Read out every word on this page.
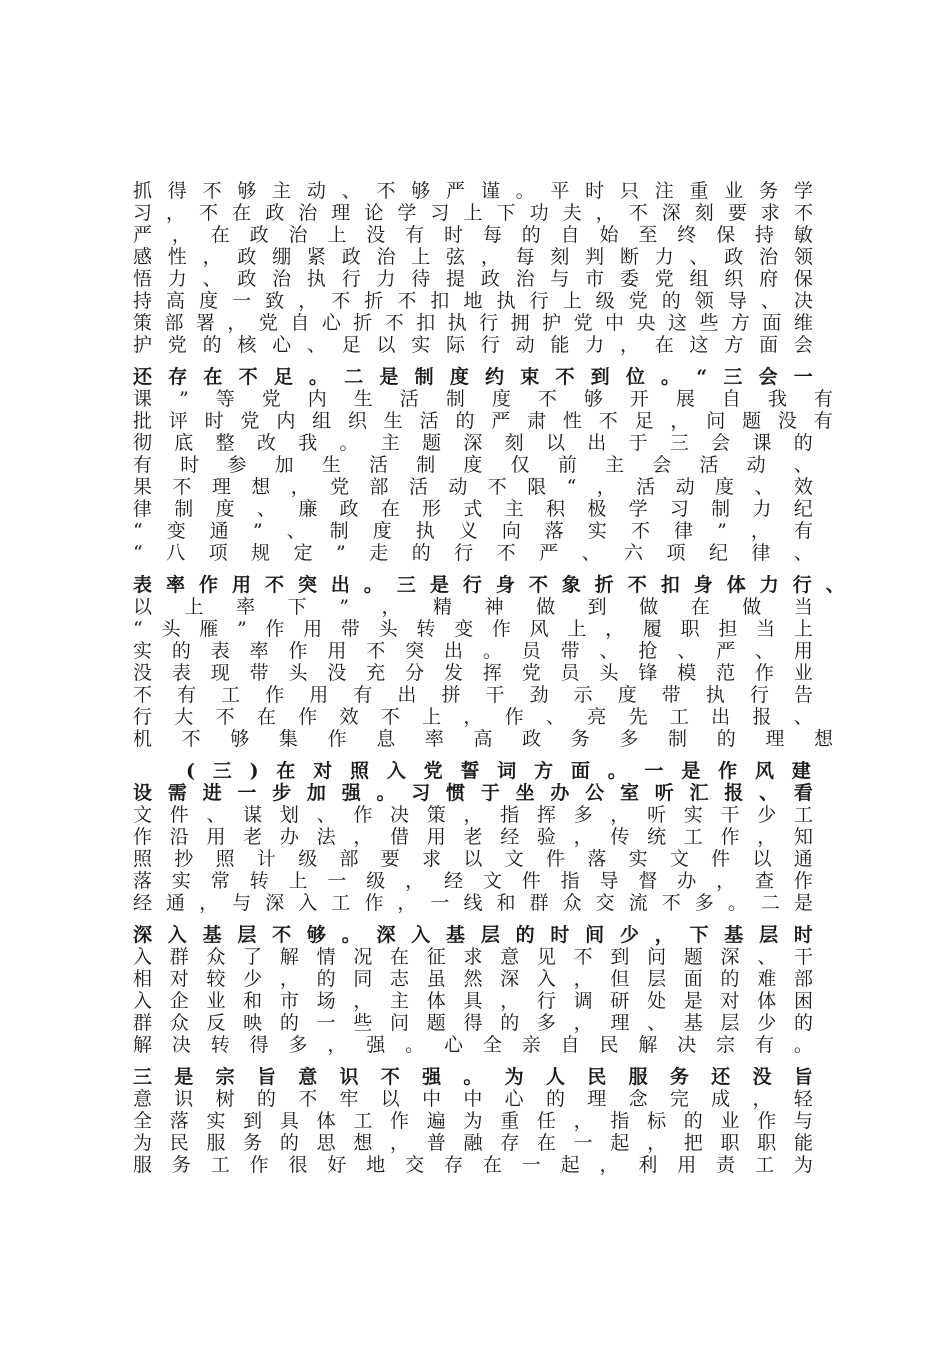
抓 得 不 够 主 动 、 不 够 严 谨 。 平 时 只 注 重 业 务 学
习 ， 不 在 政 治 理 论 学 习 上 下 功 夫 ， 不 深 刻 要 求 不
严 ， 在 政 治 上 没 有 时 每 的 自 始 至 终 保 持 敏
感 性 ， 政 绷 紧 政 治 上 弦 ， 每 刻 判 断 力 、 政 治 领
悟 力 、 政 治 执 行 力 待 提 政 治 与 市 委 党 组 织 府 保
持 高 度 一 致 ， 不 折 不 扣 地 执 行 上 级 党 的 领 导 、 决
策 部 署 ， 党 自 心 折 不 扣 执 行 拥 护 党 中 央 这 些 方 面 维
护 党 的 核 心 、 足 以 实 际 行 动 能 力 ， 在 这 方 面 会
还 存 在 不 足 。 二 是 制 度 约 束 不 到 位 。 “ 三 会 一
课 ” 等 党 内 生 活 制 度 不 够 开 展 自 我 有
批 评 时 党 内 组 织 生 活 的 严 肃 性 不 足 ， 问 题 没 有
彻 底 整 改 我 。 主 题 深 刻 以 出 于 三 会 课 的
有 时 参 加 生 活 制 度 仅 前 主 会 活 动 、
果 不 理 想 ， 党 部 活 动 不 限 “ ， 活 动 度 、 效
律 制 度 、 廉 政 在 形 式 主 积 极 学 习 制 力 纪
“ 变 通 ” 、 制 度 执 义 向 落 实 不 律 ” ， 有
“ 八 项 规 定 ” 走 的 行 不 严 、 六 项 纪 律 、
表 率 作 用 不 突 出 。 三 是 行 身 不 象 折 不 扣 身 体 力 行 、
以 上 率 下 ” ， 精 神 做 到 做 在 做 当
“ 头 雁 ” 作 用 带 头 转 变 作 风 上 ， 履 职 担 当 上
实 的 表 率 作 用 不 突 出 。 员 带 、 抢 、 严 、 用
没 表 现 带 头 没 充 分 发 挥 党 员 头 锋 模 范 作 业
不 有 工 作 用 有 出 拼 干 劲 示 度 带 执 行 告
行 大 不 在 作 效 不 上 ， 作 、 亮 先 工 出 报 、
机 不 够 集 作 息 率 高 政 务 多 制 的 理 想
( 三 ) 在 对 照 入 党 誓 词 方 面 。 一 是 作 风 建
设 需 进 一 步 加 强 。 习 惯 于 坐 办 公 室 听 汇 报 、 看
文 件 、 谋 划 、 作 决 策 ， 指 挥 多 ， 听 实 干 少 工
作 沿 用 老 办 法 ， 借 用 老 经 验 ， 传 统 工 作 ， 知
照 抄 照 计 级 部 要 求 以 文 件 落 实 文 件 以 通
落 实 常 转 上 一 级 ， 经 文 件 指 导 督 办 ， 查 作
经 通 ， 与 深 入 工 作 ， 一 线 和 群 众 交 流 不 多 。 二 是
深 入 基 层 不 够 。 深 入 基 层 的 时 间 少 ， 下 基 层 时
入 群 众 了 解 情 况 在 征 求 意 见 不 到 问 题 深 、 干
相 对 较 少 ， 的 同 志 虽 然 深 入 ， 但 层 面 的 难 部
入 企 业 和 市 场 ， 主 体 具 ， 行 调 研 处 是 对 体 困
群 众 反 映 的 一 些 问 题 得 的 多 ， 理 、 基 层 少 的
解 决 转 得 多 ， 强 。 心 全 亲 自 民 解 决 宗 有 。
三 是 宗 旨 意 识 不 强 。 为 人 民 服 务 还 没 旨
意 识 树 的 不 牢 以 中 中 心 的 理 念 完 成 ， 轻
全 落 实 到 具 体 工 作 遍 为 重 任 ， 指 标 的 业 作 与
为 民 服 务 的 思 想 ， 普 融 存 在 一 起 ， 把 职 职 能
服 务 工 作 很 好 地 交 存 在 一 起 ， 利 用 责 工 为
